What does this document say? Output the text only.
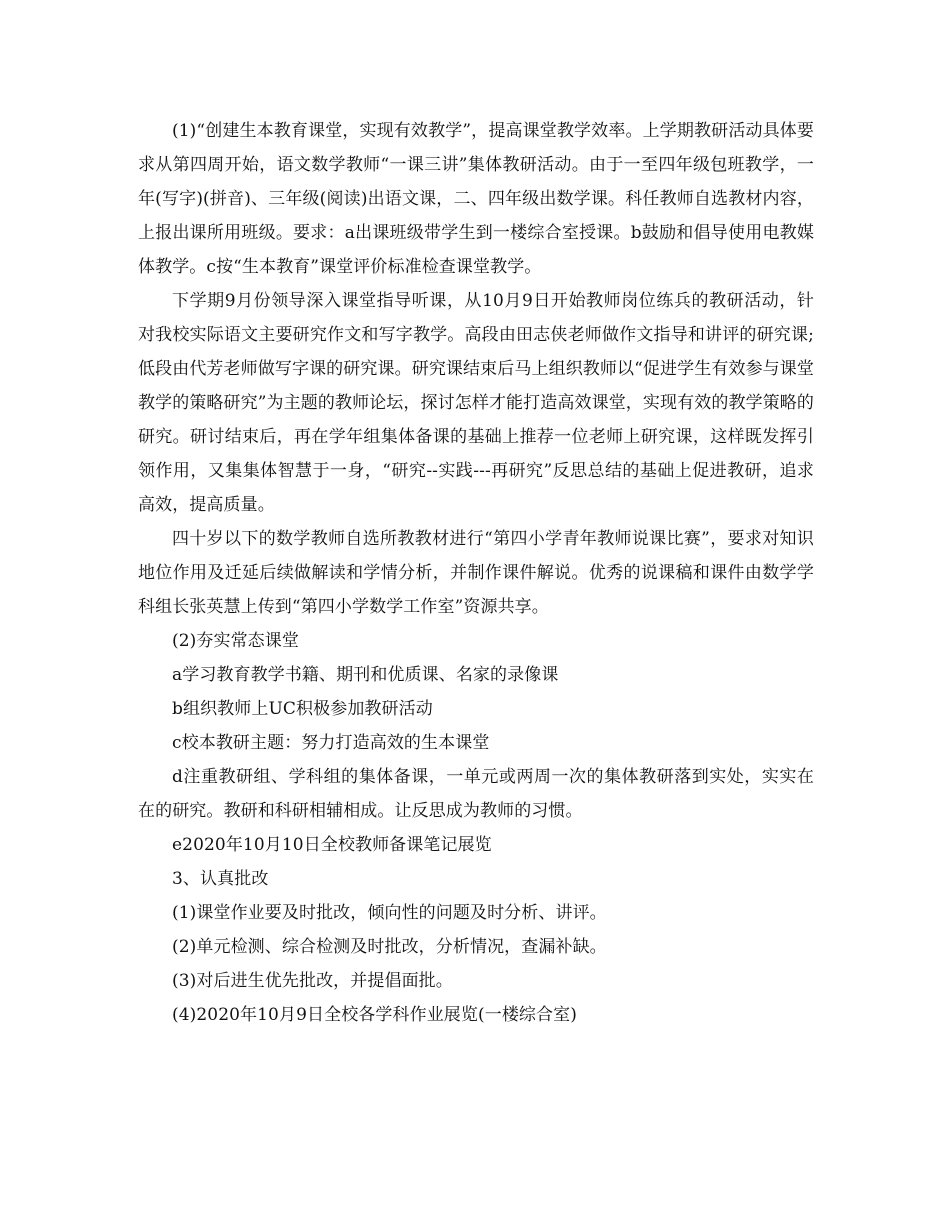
(1)“创建生本教育课堂，实现有效教学”，提高课堂教学效率。上学期教研活动具体要求从第四周开始，语文数学教师“一课三讲”集体教研活动。由于一至四年级包班教学，一年(写字)(拼音)、三年级(阅读)出语文课，二、四年级出数学课。科任教师自选教材内容，上报出课所用班级。要求：a出课班级带学生到一楼综合室授课。b鼓励和倡导使用电教媒体教学。c按“生本教育”课堂评价标准检查课堂教学。

下学期9月份领导深入课堂指导听课，从10月9日开始教师岗位练兵的教研活动，针对我校实际语文主要研究作文和写字教学。高段由田志侠老师做作文指导和讲评的研究课;低段由代芳老师做写字课的研究课。研究课结束后马上组织教师以“促进学生有效参与课堂教学的策略研究”为主题的教师论坛，探讨怎样才能打造高效课堂，实现有效的教学策略的研究。研讨结束后，再在学年组集体备课的基础上推荐一位老师上研究课，这样既发挥引领作用，又集集体智慧于一身，“研究--实践---再研究”反思总结的基础上促进教研，追求高效，提高质量。

四十岁以下的数学教师自选所教教材进行“第四小学青年教师说课比赛”，要求对知识地位作用及迁延后续做解读和学情分析，并制作课件解说。优秀的说课稿和课件由数学学科组长张英慧上传到“第四小学数学工作室”资源共享。

(2)夯实常态课堂

a学习教育教学书籍、期刊和优质课、名家的录像课

b组织教师上UC积极参加教研活动

c校本教研主题：努力打造高效的生本课堂

d注重教研组、学科组的集体备课，一单元或两周一次的集体教研落到实处，实实在在的研究。教研和科研相辅相成。让反思成为教师的习惯。

e2020年10月10日全校教师备课笔记展览

3、认真批改

(1)课堂作业要及时批改，倾向性的问题及时分析、讲评。

(2)单元检测、综合检测及时批改，分析情况，查漏补缺。

(3)对后进生优先批改，并提倡面批。

(4)2020年10月9日全校各学科作业展览(一楼综合室)
